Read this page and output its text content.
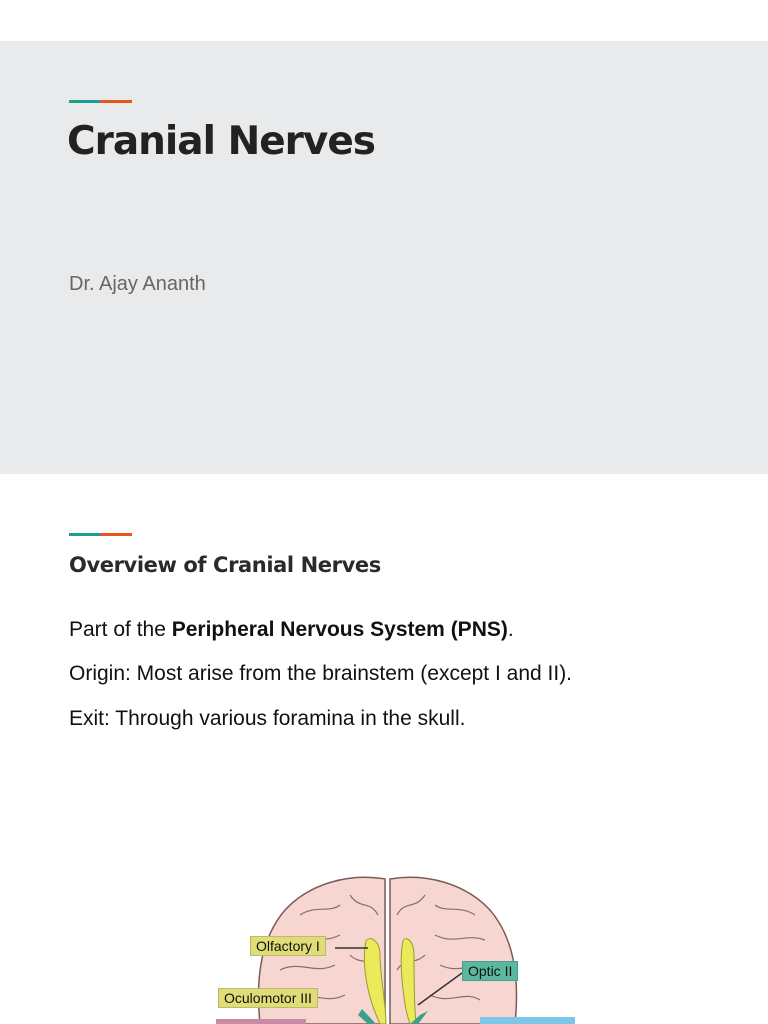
Cranial Nerves
Dr. Ajay Ananth
Overview of Cranial Nerves
Part of the Peripheral Nervous System (PNS).
Origin: Most arise from the brainstem (except I and II).
Exit: Through various foramina in the skull.
Olfactory I
Optic II
Oculomotor III
